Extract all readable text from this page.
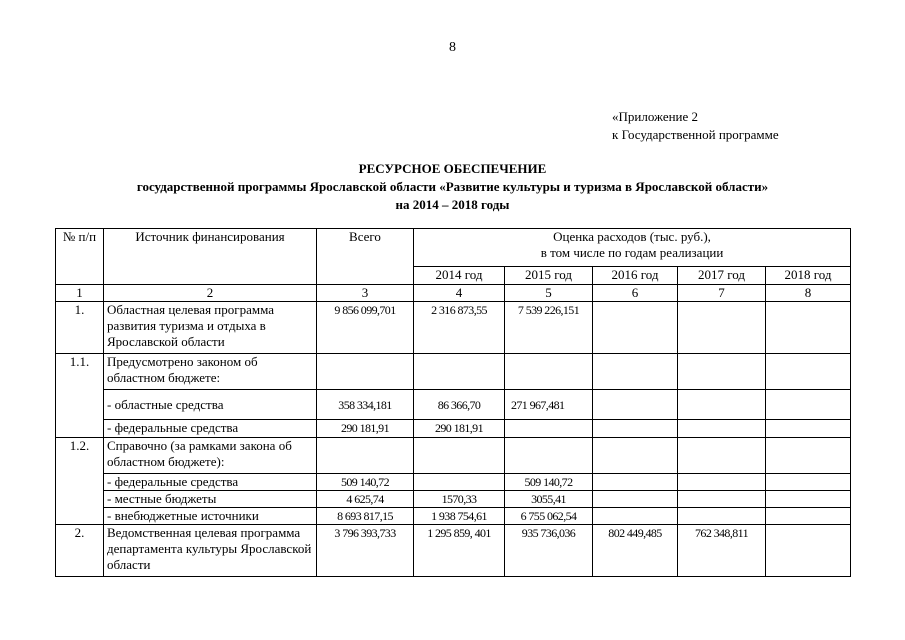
8
«Приложение 2
к Государственной программе
РЕСУРСНОЕ ОБЕСПЕЧЕНИЕ
государственной программы Ярославской области «Развитие культуры и туризма в Ярославской области»
на 2014 – 2018 годы
№ п/п	Источник финансирования	Всего	Оценка расходов (тыс. руб.),
в том числе по годам реализации				

			2014 год	2015 год	2016 год	2017 год	2018 год
1	2	3	4	5	6	7	8
1.	Областная целевая программа развития туризма и отдыха в Ярославской области	9 856 099,701	2 316 873,55	7 539 226,151			
1.1.	Предусмотрено законом об областном бюджете:						
	- областные средства	358 334,181	86 366,70	271 967,481			
	- федеральные средства	290 181,91	290 181,91				
1.2.	Справочно (за рамками закона об областном бюджете):						
	- федеральные средства	509 140,72		509 140,72			
	- местные бюджеты	4 625,74	1570,33	3055,41			
	- внебюджетные источники	8 693 817,15	1 938 754,61	6 755 062,54			
2.	Ведомственная целевая программа департамента культуры Ярославской области	3 796 393,733	1 295 859, 401	935 736,036	802 449,485	762 348,811	
